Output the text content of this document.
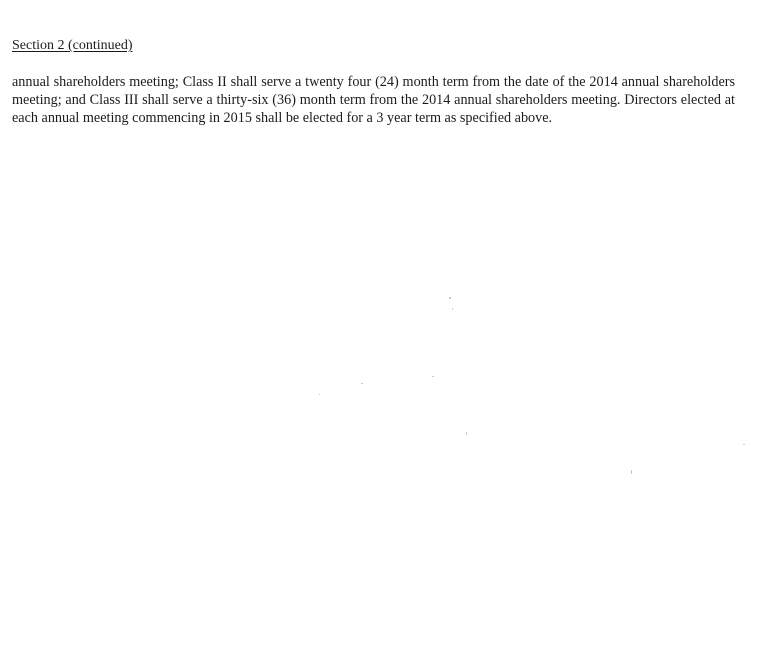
Section 2 (continued)

annual shareholders meeting; Class II shall serve a twenty four (24) month term from the date of the 2014 annual shareholders meeting; and Class III shall serve a thirty-six (36) month term from the 2014 annual shareholders meeting. Directors elected at each annual meeting commencing in 2015 shall be elected for a 3 year term as specified above.
